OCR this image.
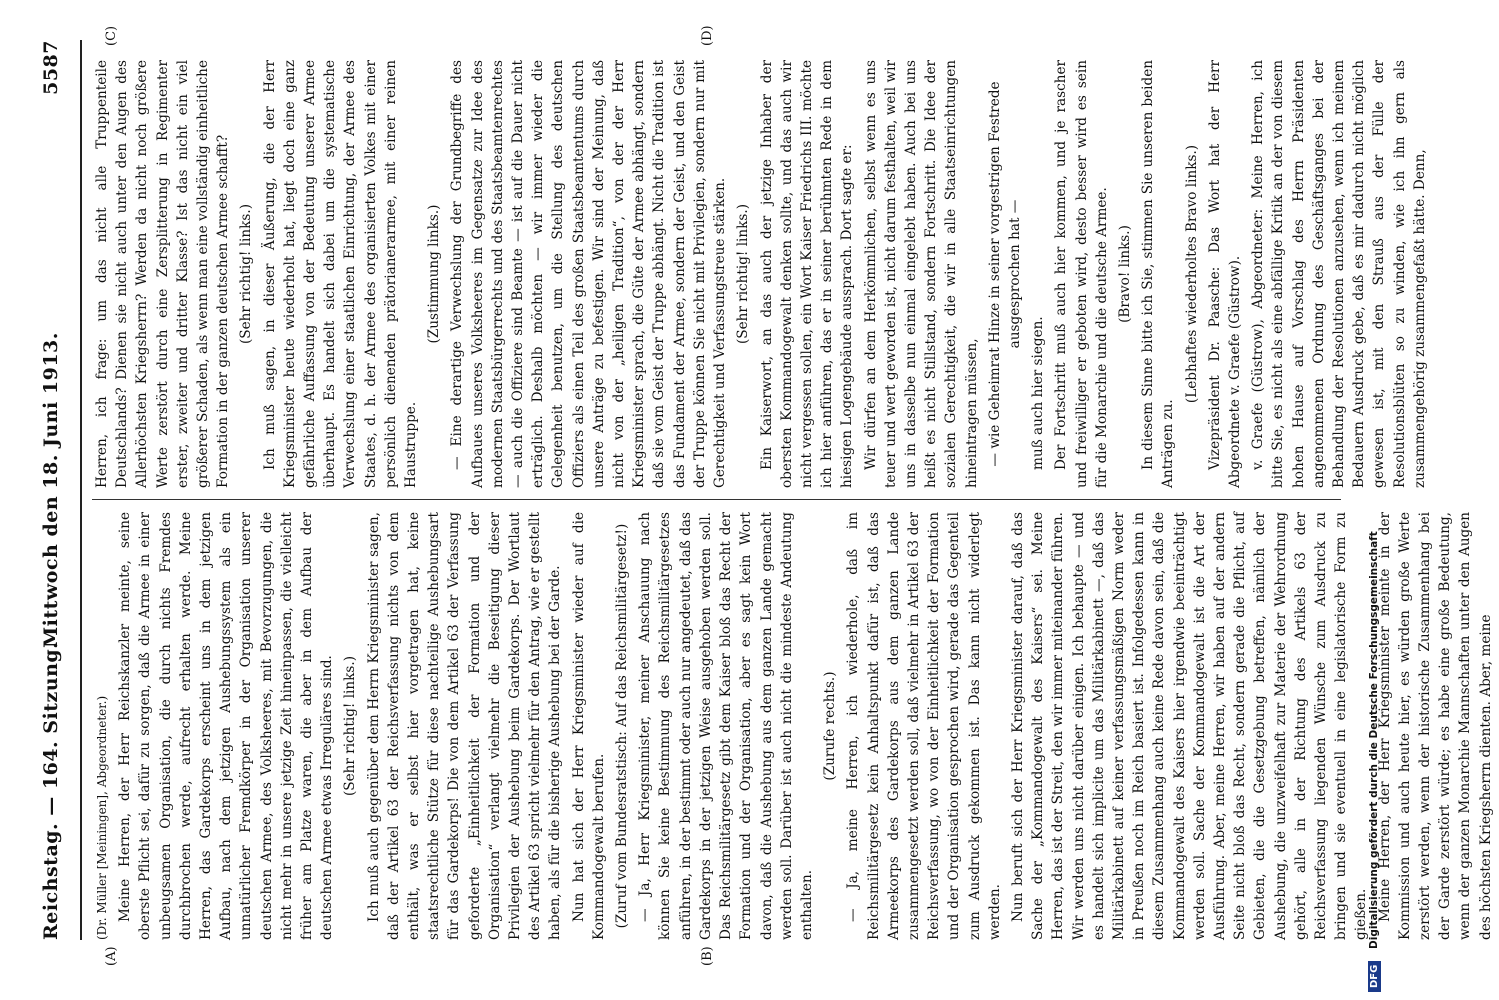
Reichstag. — 164. Sitzung.
Mittwoch den 18. Juni 1913.
5587
(A)	(B)
(C)	(D)

(Dr. Müller [Meiningen], Abgeordneter.) Meine Herren, der Herr Reichskanzler meinte, seine oberste Pflicht sei, dafür zu sorgen, daß die Armee in einer unbeugsamen Organisation, die durch nichts Fremdes durchbrochen werde, aufrecht erhalten werde. Meine Herren, das Gardekorps erscheint uns in dem jetzigen Aufbau, nach dem jetzigen Aushebungssystem als ein unnatürlicher Fremdkörper in der Organisation unserer deutschen Armee, des Volksheeres, mit Bevorzugungen, die nicht mehr in unsere jetzige Zeit hineinpassen, die vielleicht früher am Platze waren, die aber in dem Aufbau der deutschen Armee etwas Irreguläres sind. (Sehr richtig! links.) Ich muß auch gegenüber dem Herrn Kriegsminister sagen, daß der Artikel 63 der Reichsverfassung nichts von dem enthält, was er selbst hier vorgetragen hat, keine staatsrechtliche Stütze für diese nachteilige Aushebungsart für das Gardekorps! Die von dem Artikel 63 der Verfassung geforderte „Einheitlichkeit der Formation und der Organisation“ verlangt vielmehr die Beseitigung dieser Privilegien der Aushebung beim Gardekorps. Der Wortlaut des Artikel 63 spricht vielmehr für den Antrag, wie er gestellt haben, als für die bisherige Aushebung bei der Garde. Nun hat sich der Herr Kriegsminister wieder auf die Kommandogewalt berufen. (Zuruf vom Bundesratstisch: Auf das Reichsmilitärgesetz!) — Ja, Herr Kriegsminister, meiner Anschauung nach können Sie keine Bestimmung des Reichsmilitärgesetzes anführen, in der bestimmt oder auch nur angedeutet, daß das Gardekorps in der jetzigen Weise ausgehoben werden soll. Das Reichsmilitärgesetz gibt dem Kaiser bloß das Recht der Formation und der Organisation, aber es sagt kein Wort davon, daß die Aushebung aus dem ganzen Lande gemacht werden soll. Darüber ist auch nicht die mindeste Andeutung enthalten.

(Zurufe rechts.) — Ja, meine Herren, ich wiederhole, daß im Reichsmilitärgesetz kein Anhaltspunkt dafür ist, daß das Armeekorps des Gardekorps aus dem ganzen Lande zusammengesetzt werden soll, daß vielmehr in Artikel 63 der Reichsverfassung, wo von der Einheitlichkeit der Formation und der Organisation gesprochen wird, gerade das Gegenteil zum Ausdruck gekommen ist. Das kann nicht widerlegt werden. Nun beruft sich der Herr Kriegsminister darauf, daß das Sache der „Kommandogewalt des Kaisers“ sei. Meine Herren, das ist der Streit, den wir immer miteinander führen. Wir werden uns nicht darüber einigen. Ich behaupte — und es handelt sich implicite um das Militärkabinett —, daß das Militärkabinett auf keiner verfassungsmäßigen Norm weder in Preußen noch im Reich basiert ist. Infolgedessen kann in diesem Zusammenhang auch keine Rede davon sein, daß die Kommandogewalt des Kaisers hier irgendwie beeinträchtigt werden soll. Sache der Kommandogewalt ist die Art der Ausführung. Aber, meine Herren, wir haben auf der andern Seite nicht bloß das Recht, sondern gerade die Pflicht, auf Gebieten, die die Gesetzgebung betreffen, nämlich der Aushebung, die unzweifelhaft zur Materie der Wehrordnung gehört, alle in der Richtung des Artikels 63 der Reichsverfassung liegenden Wünsche zum Ausdruck zu bringen und sie eventuell in eine legislatorische Form zu gießen. Meine Herren, der Herr Kriegsminister meinte in der Kommission und auch heute hier, es würden große Werte zerstört werden, wenn der historische Zusammenhang bei der Garde zerstört würde; es habe eine große Bedeutung, wenn der ganzen Monarchie Mannschaften unter den Augen des höchsten Kriegsherrn dienten. Aber, meine

Herren, ich frage: um das nicht alle Truppenteile Deutschlands? Dienen sie nicht auch unter den Augen des Allerhöchsten Kriegsherrn? Werden da nicht noch größere Werte zerstört durch eine Zersplitterung in Regimenter erster, zweiter und dritter Klasse? Ist das nicht ein viel größerer Schaden, als wenn man eine vollständig einheitliche Formation in der ganzen deutschen Armee schafft? (Sehr richtig! links.) Ich muß sagen, in dieser Äußerung, die der Herr Kriegsminister heute wiederholt hat, liegt doch eine ganz gefährliche Auffassung von der Bedeutung unserer Armee überhaupt. Es handelt sich dabei um die systematische Verwechslung einer staatlichen Einrichtung, der Armee des Staates, d. h. der Armee des organisierten Volkes mit einer persönlich dienenden prätorianerarmee, mit einer reinen Haustruppe.

(Zustimmung links.) — Eine derartige Verwechslung der Grundbegriffe des Aufbaues unseres Volksheeres im Gegensatze zur Idee des modernen Staatsbürgerrechts und des Staatsbeamtenrechtes — auch die Offiziere sind Beamte — ist auf die Dauer nicht erträglich. Deshalb möchten — wir immer wieder die Gelegenheit benutzen, um die Stellung des deutschen Offiziers als einen Teil des großen Staatsbeamtentums durch unsere Anträge zu befestigen. Wir sind der Meinung, daß nicht von der „heiligen Tradition“, von der der Herr Kriegsminister sprach, die Güte der Armee abhängt, sondern daß sie vom Geist der Truppe abhängt. Nicht die Tradition ist das Fundament der Armee, sondern der Geist, und den Geist der Truppe können Sie nicht mit Privilegien, sondern nur mit Gerechtigkeit und Verfassungstreue stärken. (Sehr richtig! links.) Ein Kaiserwort, an das auch der jetzige Inhaber der obersten Kommandogewalt denken sollte, und das auch wir nicht vergessen sollen, ein Wort Kaiser Friedrichs III. möchte ich hier anführen, das er in seiner berühmten Rede in dem hiesigen Logengebäude aussprach. Dort sagte er: Wir dürfen an dem Herkömmlichen, selbst wenn es uns teuer und wert geworden ist, nicht darum festhalten, weil wir uns in dasselbe nun einmal eingelebt haben. Auch bei uns heißt es nicht Stillstand, sondern Fortschritt. Die Idee der sozialen Gerechtigkeit, die wir in alle Staatseinrichtungen hineintragen müssen, — wie Geheimrat Hinze in seiner vorgestrigen Festrede ausgesprochen hat —

muß auch hier siegen. Der Fortschritt muß auch hier kommen, und je rascher und freiwilliger er geboten wird, desto besser wird es sein für die Monarchie und die deutsche Armee. (Bravo! links.) In diesem Sinne bitte ich Sie, stimmen Sie unseren beiden Anträgen zu.

(Lebhaftes wiederholtes Bravo links.) Vizepräsident Dr. Paasche: Das Wort hat der Herr Abgeordnete v. Graefe (Güstrow). v. Graefe (Güstrow), Abgeordneter: Meine Herren, ich bitte Sie, es nicht als eine abfällige Kritik an der von diesem hohen Hause auf Vorschlag des Herrn Präsidenten angenommenen Ordnung des Geschäftsganges bei der Behandlung der Resolutionen anzusehen, wenn ich meinem Bedauern Ausdruck gebe, daß es mir dadurch nicht möglich gewesen ist, mit den Strauß aus der Fülle der Resolutionsblüten so zu winden, wie ich ihn gern als zusammengehörig zusammengefaßt hätte. Denn,

DFG Digitalisierung gefördert durch die Deutsche Forschungsgemeinschaft
